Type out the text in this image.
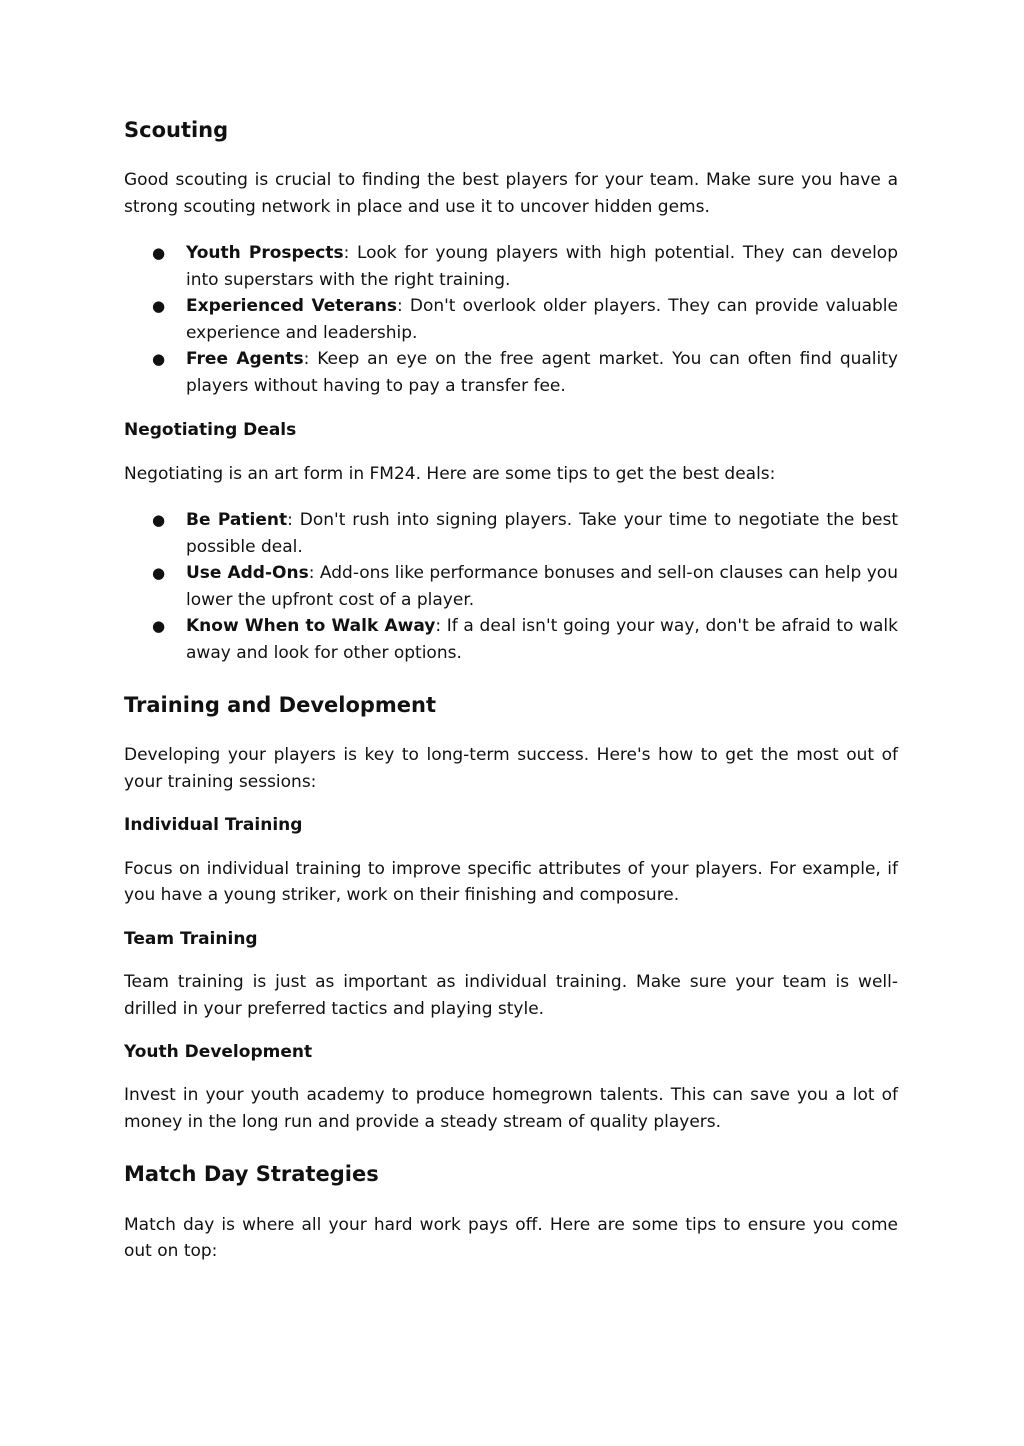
Scouting

Good scouting is crucial to finding the best players for your team. Make sure you have a strong scouting network in place and use it to uncover hidden gems.

● Youth Prospects: Look for young players with high potential. They can develop into superstars with the right training.
● Experienced Veterans: Don't overlook older players. They can provide valuable experience and leadership.
● Free Agents: Keep an eye on the free agent market. You can often find quality players without having to pay a transfer fee.
Negotiating Deals

Negotiating is an art form in FM24. Here are some tips to get the best deals:

● Be Patient: Don't rush into signing players. Take your time to negotiate the best possible deal.
● Use Add-Ons: Add-ons like performance bonuses and sell-on clauses can help you lower the upfront cost of a player.
● Know When to Walk Away: If a deal isn't going your way, don't be afraid to walk away and look for other options.
Training and Development

Developing your players is key to long-term success. Here's how to get the most out of your training sessions:

Individual Training

Focus on individual training to improve specific attributes of your players. For example, if you have a young striker, work on their finishing and composure.

Team Training

Team training is just as important as individual training. Make sure your team is well-drilled in your preferred tactics and playing style.

Youth Development

Invest in your youth academy to produce homegrown talents. This can save you a lot of money in the long run and provide a steady stream of quality players.

Match Day Strategies

Match day is where all your hard work pays off. Here are some tips to ensure you come out on top:
